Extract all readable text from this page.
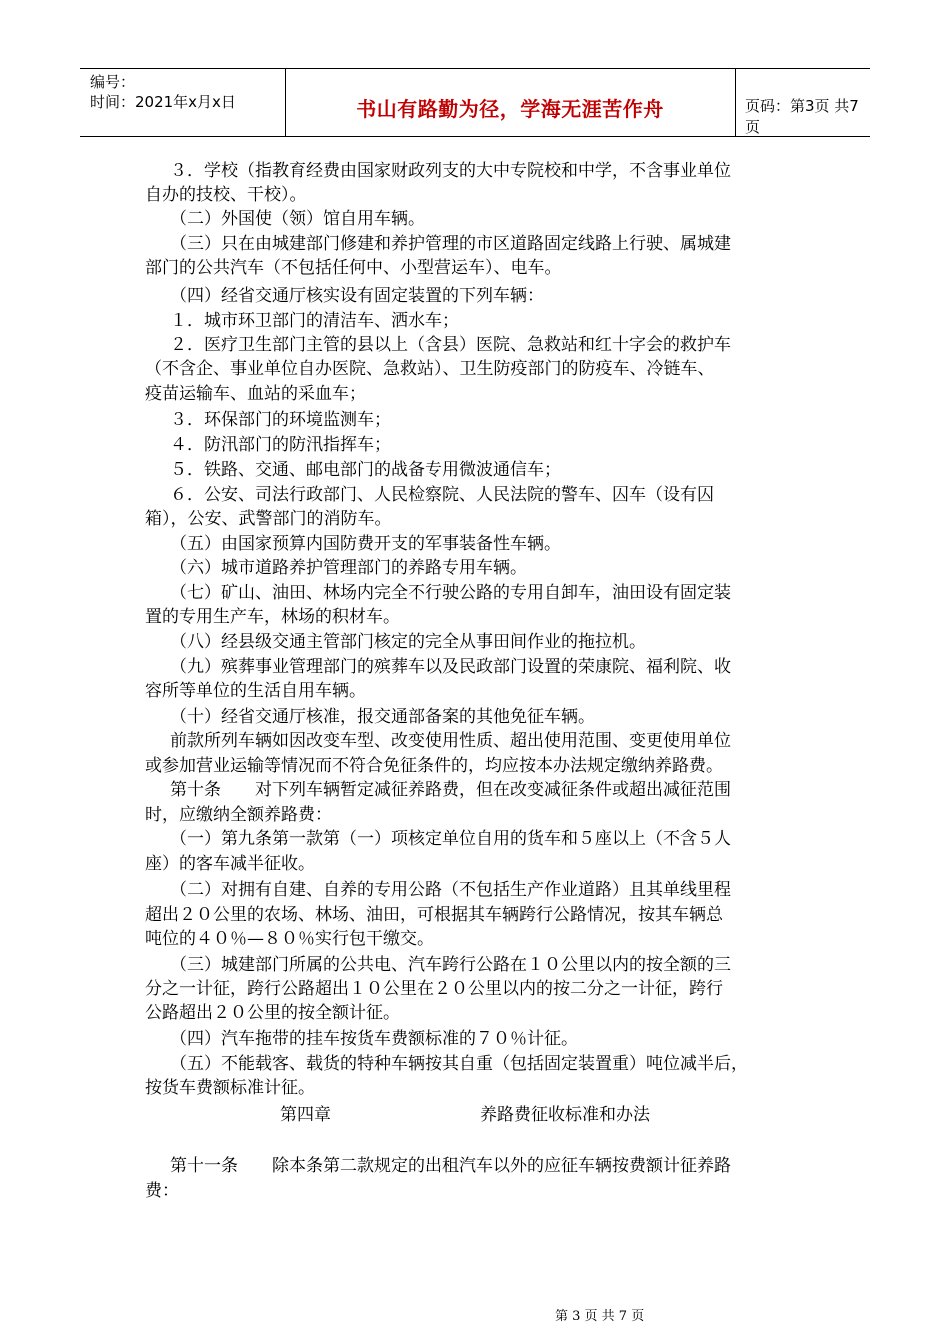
编号：
时间：2021年x月x日	书山有路勤为径，学海无涯苦作舟	页码：第3页 共7页
３．学校（指教育经费由国家财政列支的大中专院校和中学，不含事业单位
自办的技校、干校）。
（二）外国使（领）馆自用车辆。
（三）只在由城建部门修建和养护管理的市区道路固定线路上行驶、属城建
部门的公共汽车（不包括任何中、小型营运车）、电车。
（四）经省交通厅核实设有固定装置的下列车辆：
１．城市环卫部门的清洁车、洒水车；
２．医疗卫生部门主管的县以上（含县）医院、急救站和红十字会的救护车
（不含企、事业单位自办医院、急救站）、卫生防疫部门的防疫车、冷链车、
疫苗运输车、血站的采血车；
３．环保部门的环境监测车；
４．防汛部门的防汛指挥车；
５．铁路、交通、邮电部门的战备专用微波通信车；
６．公安、司法行政部门、人民检察院、人民法院的警车、囚车（设有囚
箱），公安、武警部门的消防车。
（五）由国家预算内国防费开支的军事装备性车辆。
（六）城市道路养护管理部门的养路专用车辆。
（七）矿山、油田、林场内完全不行驶公路的专用自卸车，油田设有固定装
置的专用生产车，林场的积材车。
（八）经县级交通主管部门核定的完全从事田间作业的拖拉机。
（九）殡葬事业管理部门的殡葬车以及民政部门设置的荣康院、福利院、收
容所等单位的生活自用车辆。
（十）经省交通厅核准，报交通部备案的其他免征车辆。
前款所列车辆如因改变车型、改变使用性质、超出使用范围、变更使用单位
或参加营业运输等情况而不符合免征条件的，均应按本办法规定缴纳养路费。
第十条　　对下列车辆暂定减征养路费，但在改变减征条件或超出减征范围
时，应缴纳全额养路费：
（一）第九条第一款第（一）项核定单位自用的货车和５座以上（不含５人
座）的客车减半征收。
（二）对拥有自建、自养的专用公路（不包括生产作业道路）且其单线里程
超出２０公里的农场、林场、油田，可根据其车辆跨行公路情况，按其车辆总
吨位的４０％—８０％实行包干缴交。
（三）城建部门所属的公共电、汽车跨行公路在１０公里以内的按全额的三
分之一计征，跨行公路超出１０公里在２０公里以内的按二分之一计征，跨行
公路超出２０公里的按全额计征。
（四）汽车拖带的挂车按货车费额标准的７０％计征。
（五）不能载客、载货的特种车辆按其自重（包括固定装置重）吨位减半后，
按货车费额标准计征。
第四章	养路费征收标准和办法
第十一条　　除本条第二款规定的出租汽车以外的应征车辆按费额计征养路
费：
第 3 页 共 7 页
